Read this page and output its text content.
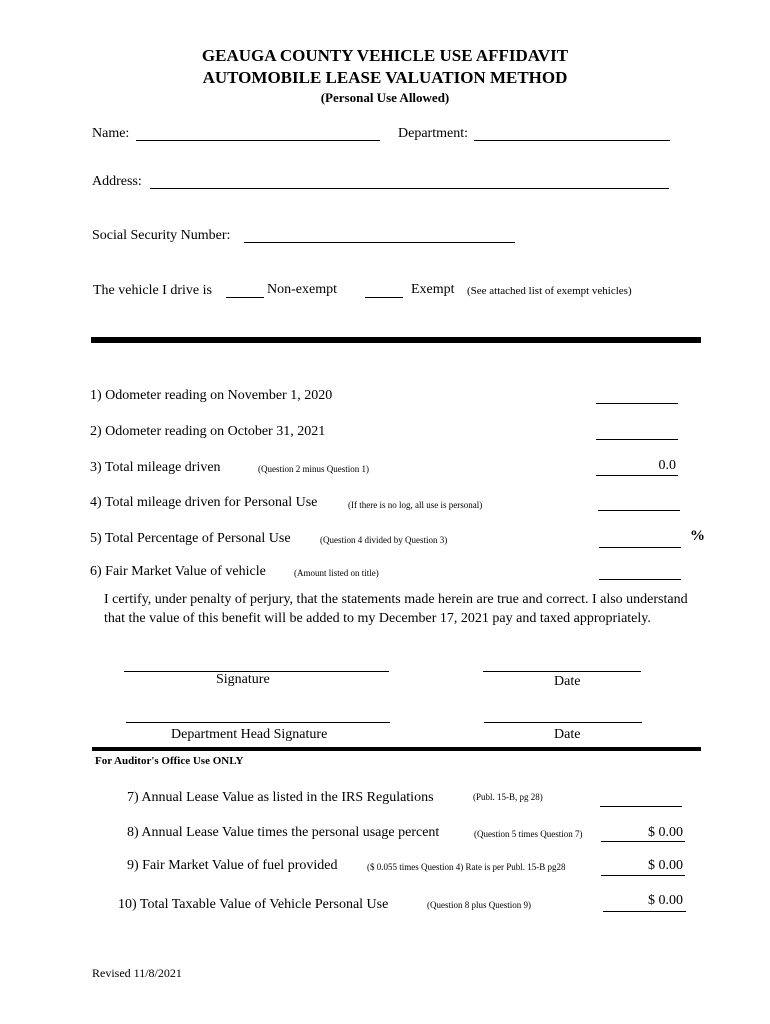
GEAUGA COUNTY VEHICLE USE AFFIDAVIT
AUTOMOBILE LEASE VALUATION METHOD
(Personal Use Allowed)
Name:	Department:
Address:
Social Security Number:
The vehicle I drive is	Non-exempt	Exempt (See attached list of exempt vehicles)
1) Odometer reading on November 1, 2020
2) Odometer reading on October 31, 2021
3) Total mileage driven	(Question 2 minus Question 1)	0.0
4) Total mileage driven for Personal Use	(If there is no log, all use is personal)
5) Total Percentage of Personal Use	(Question 4 divided by Question 3)	%
6) Fair Market Value of vehicle	(Amount listed on title)
I certify, under penalty of perjury, that the statements made herein are true and correct. I also understand that the value of this benefit will be added to my December 17, 2021 pay and taxed appropriately.
Signature	Date
Department Head Signature	Date
For Auditor's Office Use ONLY
7) Annual Lease Value as listed in the IRS Regulations	(Publ. 15-B, pg 28)
8) Annual Lease Value times the personal usage percent	(Question 5 times Question 7)	$ 0.00
9) Fair Market Value of fuel provided	($ 0.055 times Question 4) Rate is per Publ. 15-B pg28	$ 0.00
10) Total Taxable Value of Vehicle Personal Use	(Question 8 plus Question 9)	$ 0.00
Revised 11/8/2021
